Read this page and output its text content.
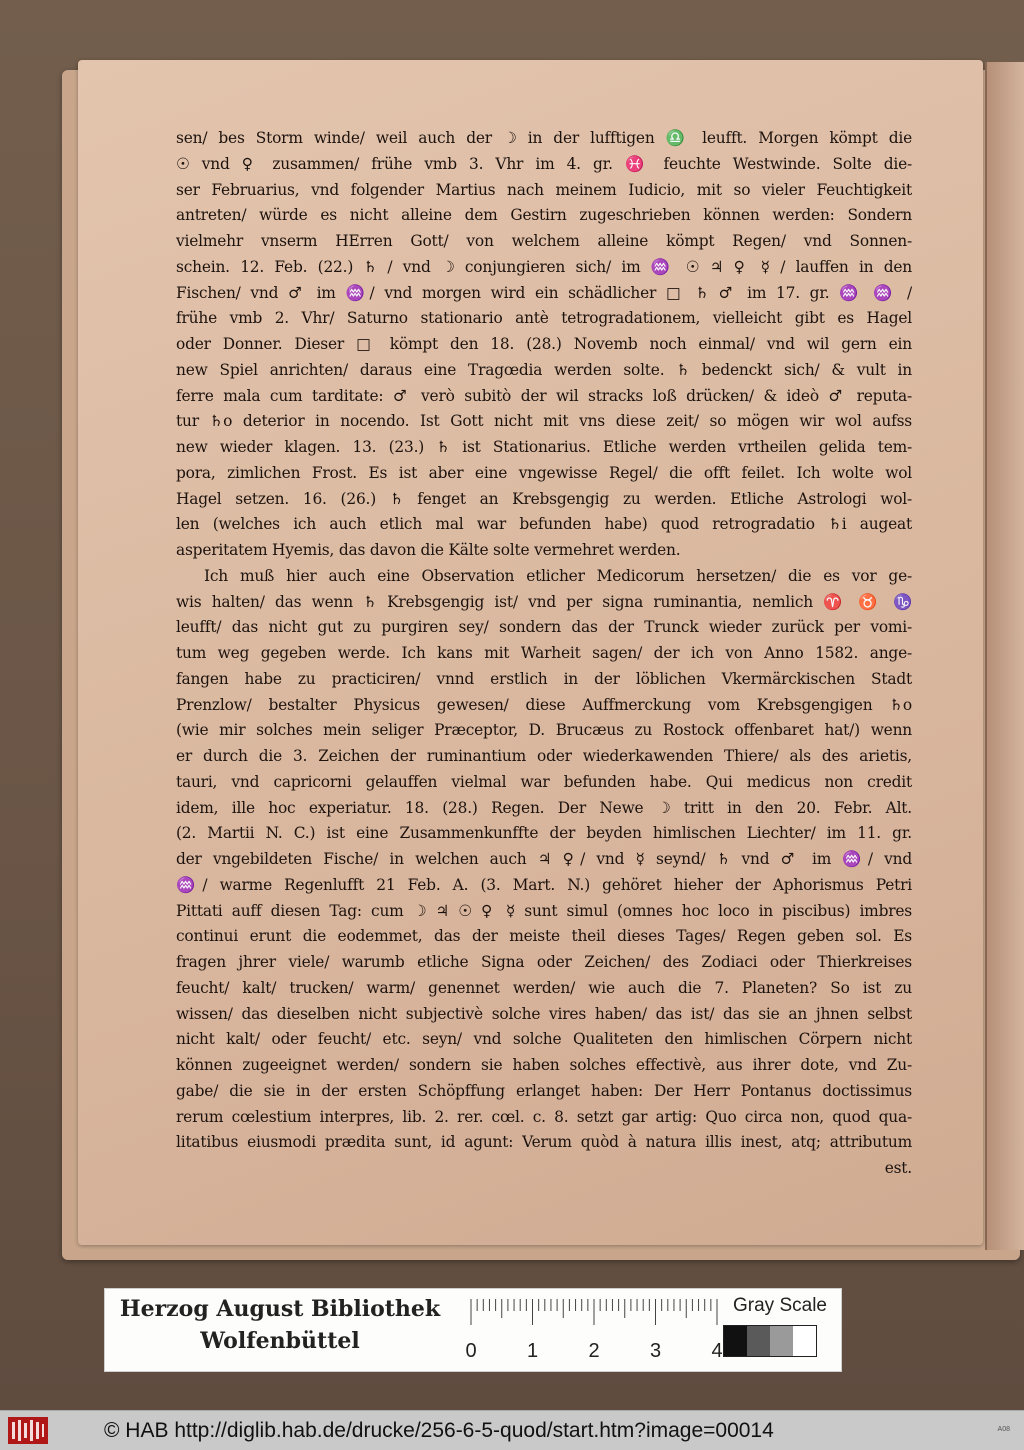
sen/ bes Storm winde/ weil auch der ☽ in der lufftigen ♎ leufft. Morgen kömpt die
☉ vnd ♀ zusammen/ frühe vmb 3. Vhr im 4. gr. ♓ feuchte Westwinde. Solte die-
ser Februarius, vnd folgender Martius nach meinem Iudicio, mit so vieler Feuchtigkeit
antreten/ würde es nicht alleine dem Gestirn zugeschrieben können werden: Sondern
vielmehr vnserm HErren Gott/ von welchem alleine kömpt Regen/ vnd Sonnen-
schein. 12. Feb. (22.) ♄ / vnd ☽ conjungieren sich/ im ♒ ☉ ♃ ♀ ☿ / lauffen in den
Fischen/ vnd ♂ im ♒/ vnd morgen wird ein schädlicher □ ♄ ♂ im 17. gr. ♒ ♒ /
frühe vmb 2. Vhr/ Saturno stationario antè tetrogradationem, vielleicht gibt es Hagel
oder Donner. Dieser □ kömpt den 18. (28.) Novemb noch einmal/ vnd wil gern ein
new Spiel anrichten/ daraus eine Tragœdia werden solte. ♄ bedenckt sich/ & vult in
ferre mala cum tarditate: ♂ verò subitò der wil stracks loß drücken/ & ideò ♂ reputa-
tur ♄o deterior in nocendo. Ist Gott nicht mit vns diese zeit/ so mögen wir wol aufss
new wieder klagen. 13. (23.) ♄ ist Stationarius. Etliche werden vrtheilen gelida tem-
pora, zimlichen Frost. Es ist aber eine vngewisse Regel/ die offt feilet. Ich wolte wol
Hagel setzen. 16. (26.) ♄ fenget an Krebsgengig zu werden. Etliche Astrologi wol-
len (welches ich auch etlich mal war befunden habe) quod retrogradatio ♄i augeat
asperitatem Hyemis, das davon die Kälte solte vermehret werden.
Ich muß hier auch eine Observation etlicher Medicorum hersetzen/ die es vor ge-
wis halten/ das wenn ♄ Krebsgengig ist/ vnd per signa ruminantia, nemlich ♈ ♉ ♑
leufft/ das nicht gut zu purgiren sey/ sondern das der Trunck wieder zurück per vomi-
tum weg gegeben werde. Ich kans mit Warheit sagen/ der ich von Anno 1582. ange-
fangen habe zu practiciren/ vnnd erstlich in der löblichen Vkermärckischen Stadt
Prenzlow/ bestalter Physicus gewesen/ diese Auffmerckung vom Krebsgengigen ♄o
(wie mir solches mein seliger Præceptor, D. Brucæus zu Rostock offenbaret hat/) wenn
er durch die 3. Zeichen der ruminantium oder wiederkawenden Thiere/ als des arietis,
tauri, vnd capricorni gelauffen vielmal war befunden habe. Qui medicus non credit
idem, ille hoc experiatur. 18. (28.) Regen. Der Newe ☽ tritt in den 20. Febr. Alt.
(2. Martii N. C.) ist eine Zusammenkunffte der beyden himlischen Liechter/ im 11. gr.
der vngebildeten Fische/ in welchen auch ♃ ♀/ vnd ☿ seynd/ ♄ vnd ♂ im ♒/ vnd
♒/ warme Regenlufft 21 Feb. A. (3. Mart. N.) gehöret hieher der Aphorismus Petri
Pittati auff diesen Tag: cum ☽ ♃ ☉ ♀ ☿ sunt simul (omnes hoc loco in piscibus) imbres
continui erunt die eodemmet, das der meiste theil dieses Tages/ Regen geben sol. Es
fragen jhrer viele/ warumb etliche Signa oder Zeichen/ des Zodiaci oder Thierkreises
feucht/ kalt/ trucken/ warm/ genennet werden/ wie auch die 7. Planeten? So ist zu
wissen/ das dieselben nicht subjectivè solche vires haben/ das ist/ das sie an jhnen selbst
nicht kalt/ oder feucht/ etc. seyn/ vnd solche Qualiteten den himlischen Cörpern nicht
können zugeeignet werden/ sondern sie haben solches effectivè, aus ihrer dote, vnd Zu-
gabe/ die sie in der ersten Schöpffung erlanget haben: Der Herr Pontanus doctissimus
rerum cœlestium interpres, lib. 2. rer. cœl. c. 8. setzt gar artig: Quo circa non, quod qua-
litatibus eiusmodi prædita sunt, id agunt: Verum quòd à natura illis inest, atq; attributum
est.
Herzog August Bibliothek
Wolfenbüttel	0	1	2	3	4
Gray Scale
© HAB http://diglib.hab.de/drucke/256-6-5-quod/start.htm?image=00014	A08
